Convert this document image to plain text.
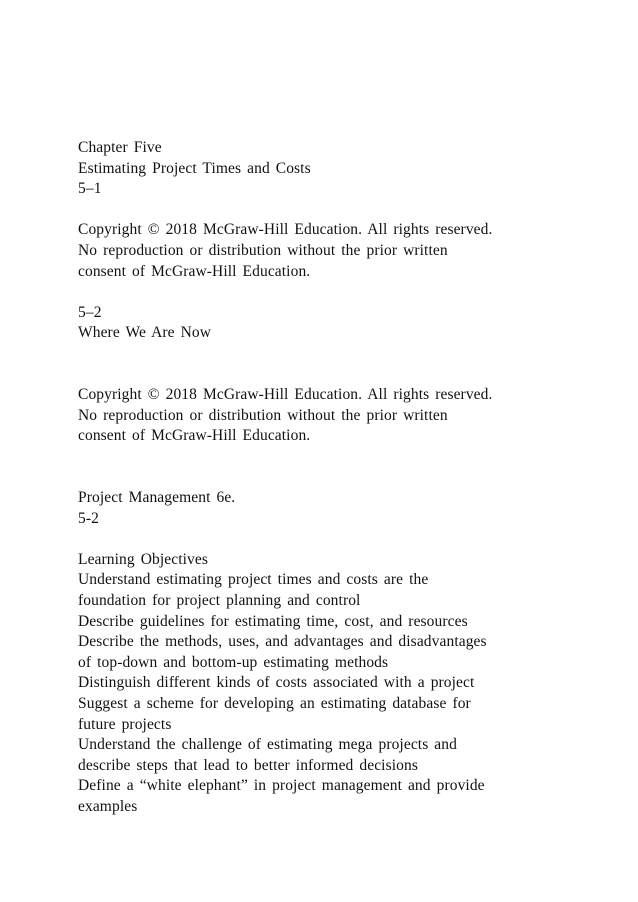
Chapter Five
Estimating Project Times and Costs
5–1
Copyright © 2018 McGraw-Hill Education. All rights reserved.
No reproduction or distribution without the prior written
consent of McGraw-Hill Education.
5–2
Where We Are Now
Copyright © 2018 McGraw-Hill Education. All rights reserved.
No reproduction or distribution without the prior written
consent of McGraw-Hill Education.
Project Management 6e.
5-2
Learning Objectives
Understand estimating project times and costs are the
foundation for project planning and control
Describe guidelines for estimating time, cost, and resources
Describe the methods, uses, and advantages and disadvantages
of top-down and bottom-up estimating methods
Distinguish different kinds of costs associated with a project
Suggest a scheme for developing an estimating database for
future projects
Understand the challenge of estimating mega projects and
describe steps that lead to better informed decisions
Define a “white elephant” in project management and provide
examples
